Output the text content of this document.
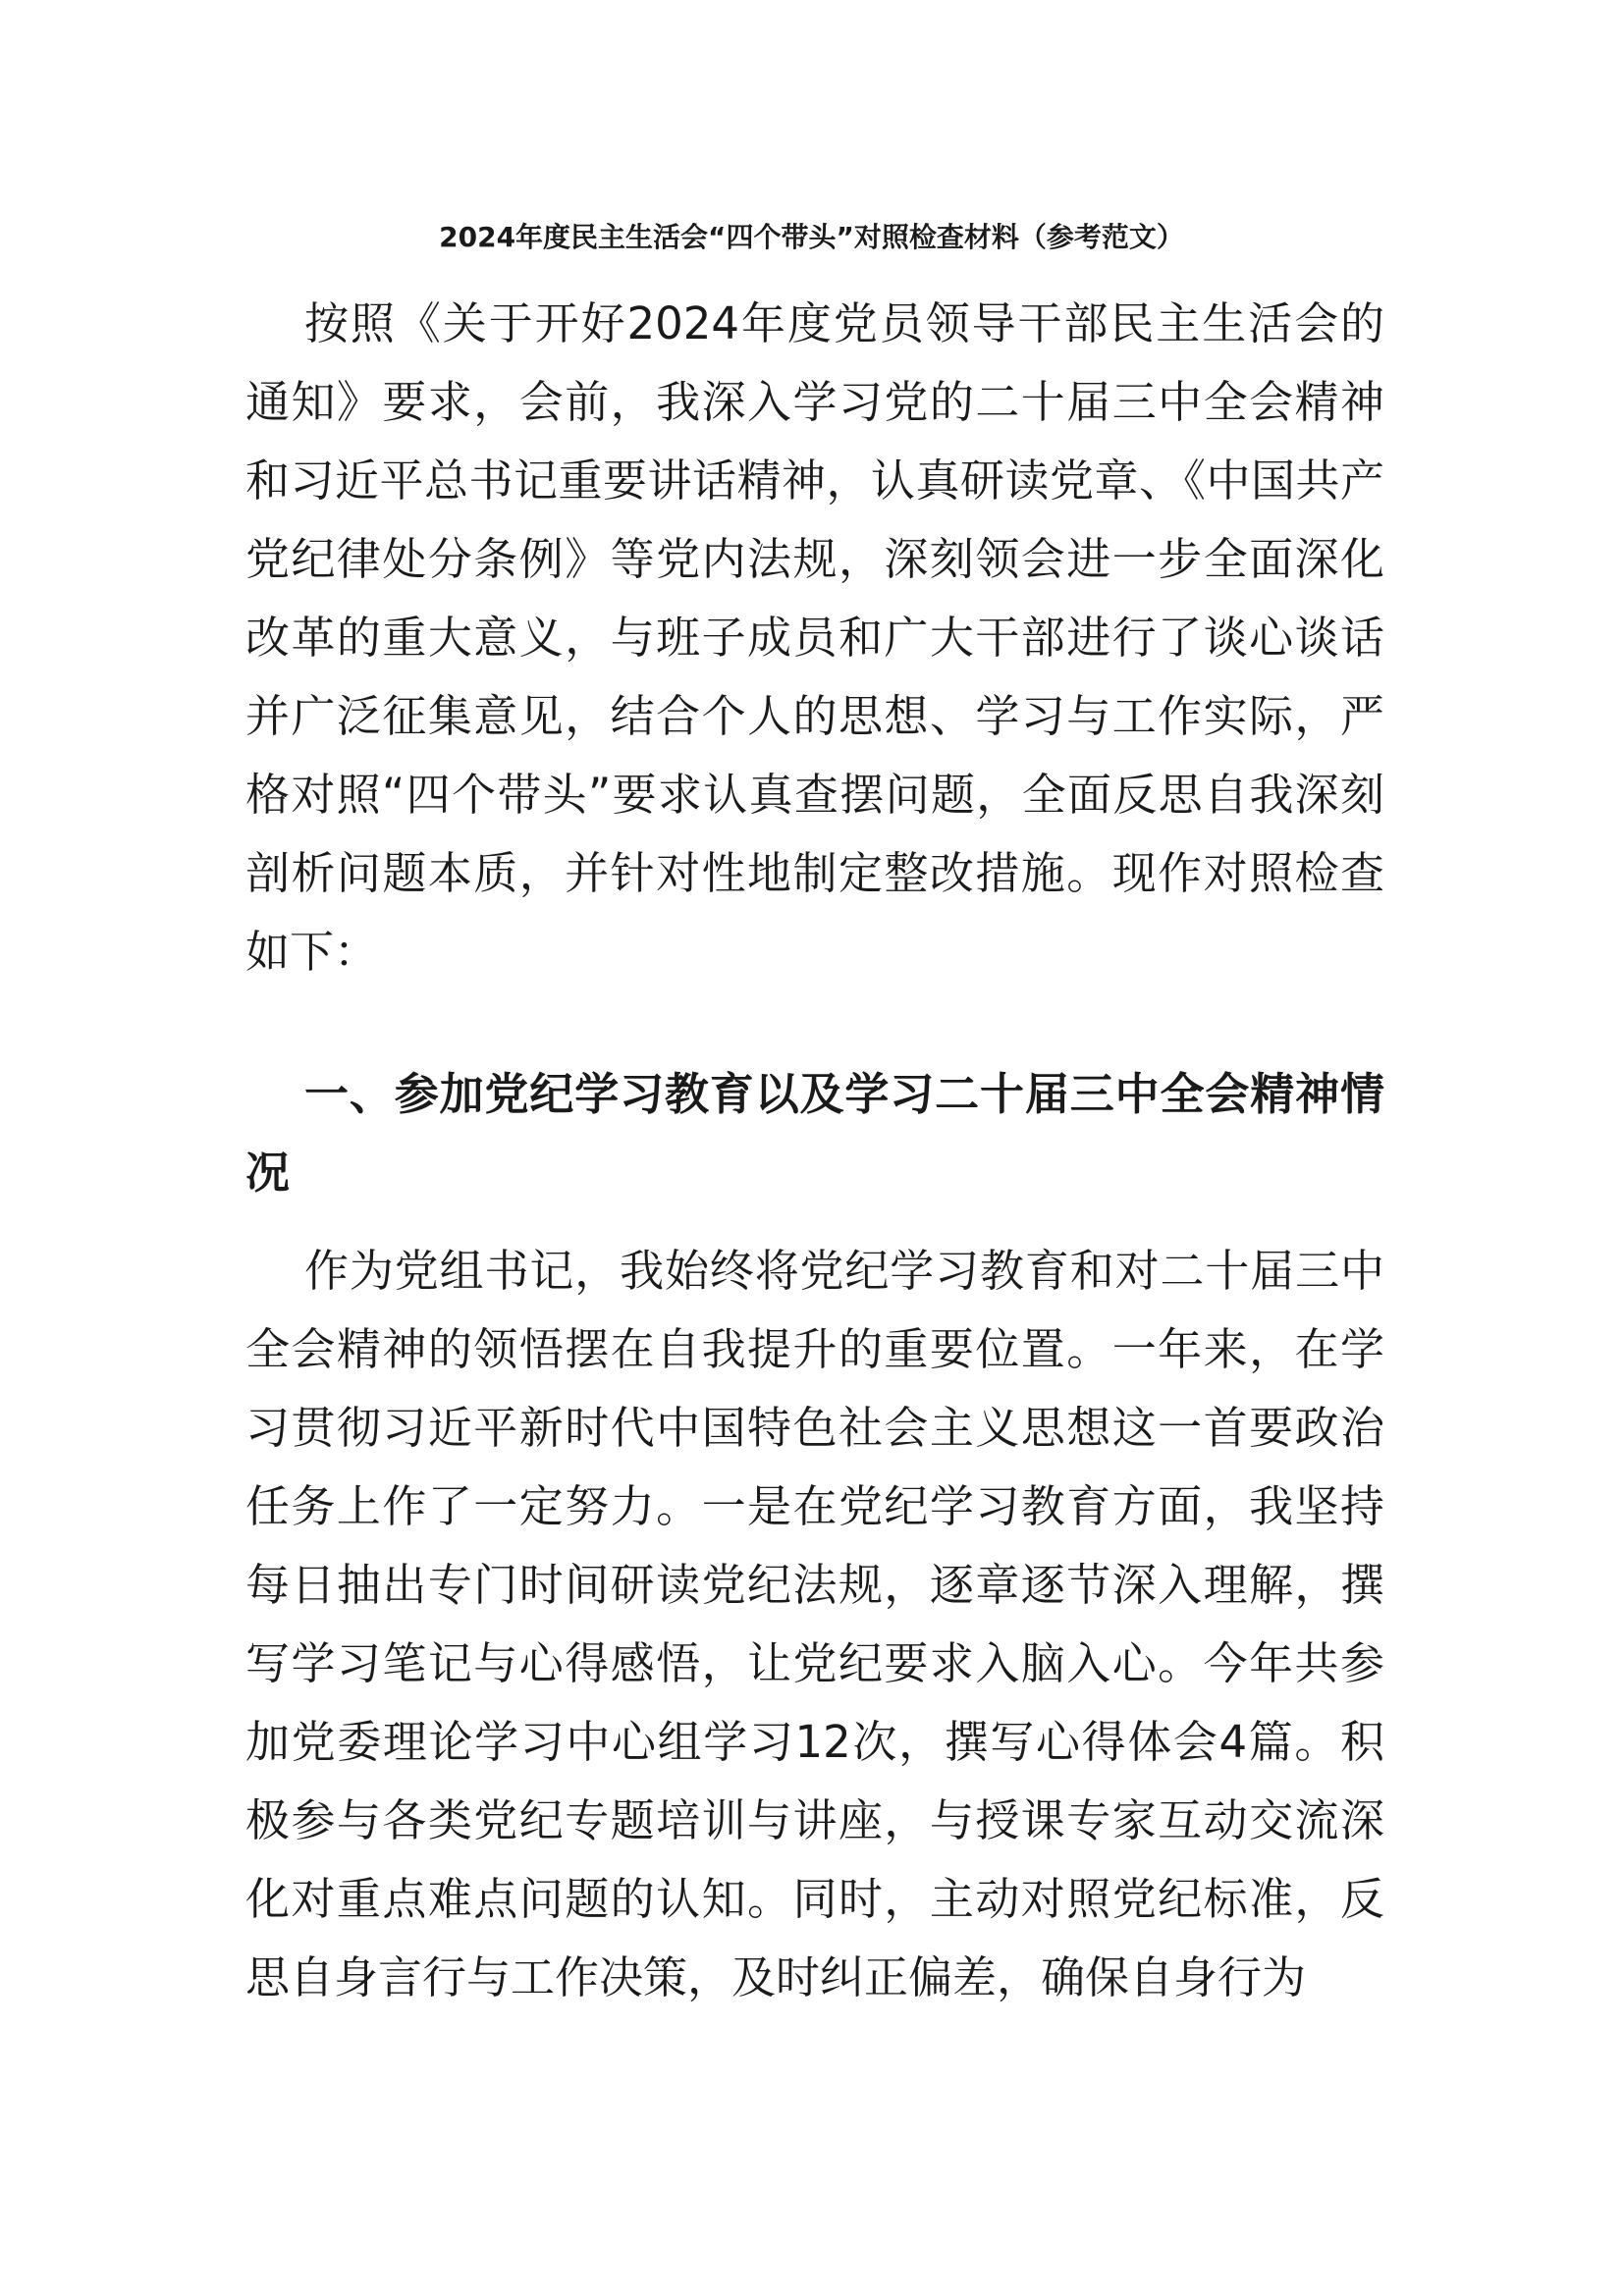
2024年度民主生活会“四个带头”对照检查材料（参考范文）
按照《关于开好2024年度党员领导干部民主生活会的通知》要求，会前，我深入学习党的二十届三中全会精神和习近平总书记重要讲话精神，认真研读党章、《中国共产党纪律处分条例》等党内法规，深刻领会进一步全面深化改革的重大意义，与班子成员和广大干部进行了谈心谈话并广泛征集意见，结合个人的思想、学习与工作实际，严格对照“四个带头”要求认真查摆问题，全面反思自我深刻剖析问题本质，并针对性地制定整改措施。现作对照检查如下：
一、参加党纪学习教育以及学习二十届三中全会精神情况
作为党组书记，我始终将党纪学习教育和对二十届三中全会精神的领悟摆在自我提升的重要位置。一年来，在学习贯彻习近平新时代中国特色社会主义思想这一首要政治任务上作了一定努力。一是在党纪学习教育方面，我坚持每日抽出专门时间研读党纪法规，逐章逐节深入理解，撰写学习笔记与心得感悟，让党纪要求入脑入心。今年共参加党委理论学习中心组学习12次，撰写心得体会4篇。积极参与各类党纪专题培训与讲座，与授课专家互动交流深化对重点难点问题的认知。同时，主动对照党纪标准，反思自身言行与工作决策，及时纠正偏差，确保自身行为
